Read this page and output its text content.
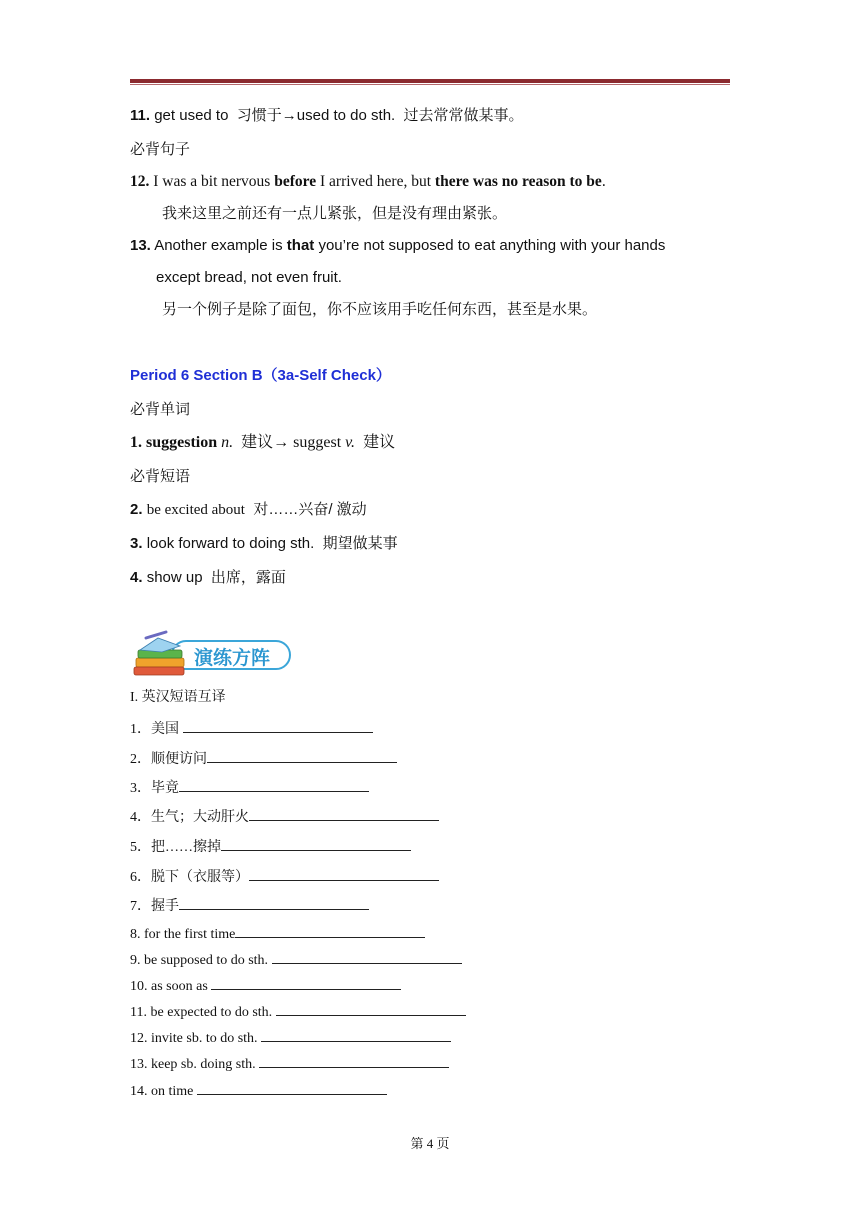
11. get used to 习惯于→used to do sth. 过去常常做某事。
必背句子
12. I was a bit nervous before I arrived here, but there was no reason to be.
我来这里之前还有一点儿紧张，但是没有理由紧张。
13. Another example is that you’re not supposed to eat anything with your hands
except bread, not even fruit.
另一个例子是除了面包，你不应该用手吃任何东西，甚至是水果。
Period 6 Section B（3a-Self Check）
必背单词
1. suggestion n. 建议→ suggest v. 建议
必背短语
2. be excited about 对……兴奋/ 激动
3. look forward to doing sth. 期望做某事
4. show up 出席，露面
演练方阵
I. 英汉短语互译
1．美国
2．顺便访问
3．毕竟
4．生气；大动肝火
5．把……擦掉
6．脱下（衣服等）
7．握手
8. for the first time
9. be supposed to do sth.
10. as soon as
11. be expected to do sth.
12. invite sb. to do sth.
13. keep sb. doing sth.
14. on time
第 4 页
